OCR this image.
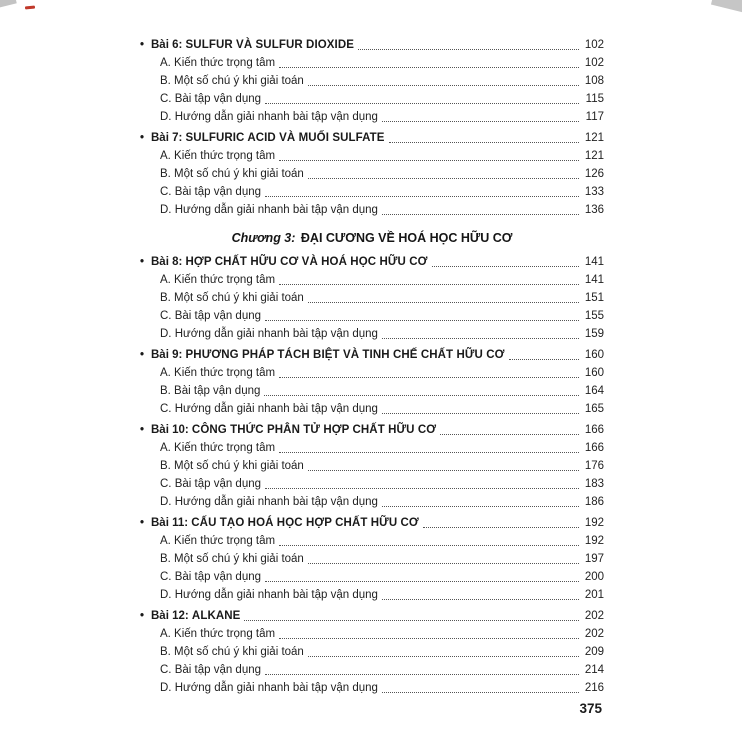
• Bài 6: SULFUR VÀ SULFUR DIOXIDE	102
A. Kiến thức trọng tâm	102
B. Một số chú ý khi giải toán	108
C. Bài tập vận dụng	115
D. Hướng dẫn giải nhanh bài tập vận dụng	117
• Bài 7: SULFURIC ACID VÀ MUỐI SULFATE	121
A. Kiến thức trọng tâm	121
B. Một số chú ý khi giải toán	126
C. Bài tập vận dụng	133
D. Hướng dẫn giải nhanh bài tập vận dụng	136
Chương 3: ĐẠI CƯƠNG VỀ HOÁ HỌC HỮU CƠ
• Bài 8: HỢP CHẤT HỮU CƠ VÀ HOÁ HỌC HỮU CƠ	141
A. Kiến thức trọng tâm	141
B. Một số chú ý khi giải toán	151
C. Bài tập vận dụng	155
D. Hướng dẫn giải nhanh bài tập vận dụng	159
• Bài 9: PHƯƠNG PHÁP TÁCH BIỆT VÀ TINH CHẾ CHẤT HỮU CƠ	160
A. Kiến thức trọng tâm	160
B. Bài tập vận dụng	164
C. Hướng dẫn giải nhanh bài tập vận dụng	165
• Bài 10: CÔNG THỨC PHÂN TỬ HỢP CHẤT HỮU CƠ	166
A. Kiến thức trọng tâm	166
B. Một số chú ý khi giải toán	176
C. Bài tập vận dụng	183
D. Hướng dẫn giải nhanh bài tập vận dụng	186
• Bài 11: CẤU TẠO HOÁ HỌC HỢP CHẤT HỮU CƠ	192
A. Kiến thức trọng tâm	192
B. Một số chú ý khi giải toán	197
C. Bài tập vận dụng	200
D. Hướng dẫn giải nhanh bài tập vận dụng	201
• Bài 12: ALKANE	202
A. Kiến thức trọng tâm	202
B. Một số chú ý khi giải toán	209
C. Bài tập vận dụng	214
D. Hướng dẫn giải nhanh bài tập vận dụng	216
375
